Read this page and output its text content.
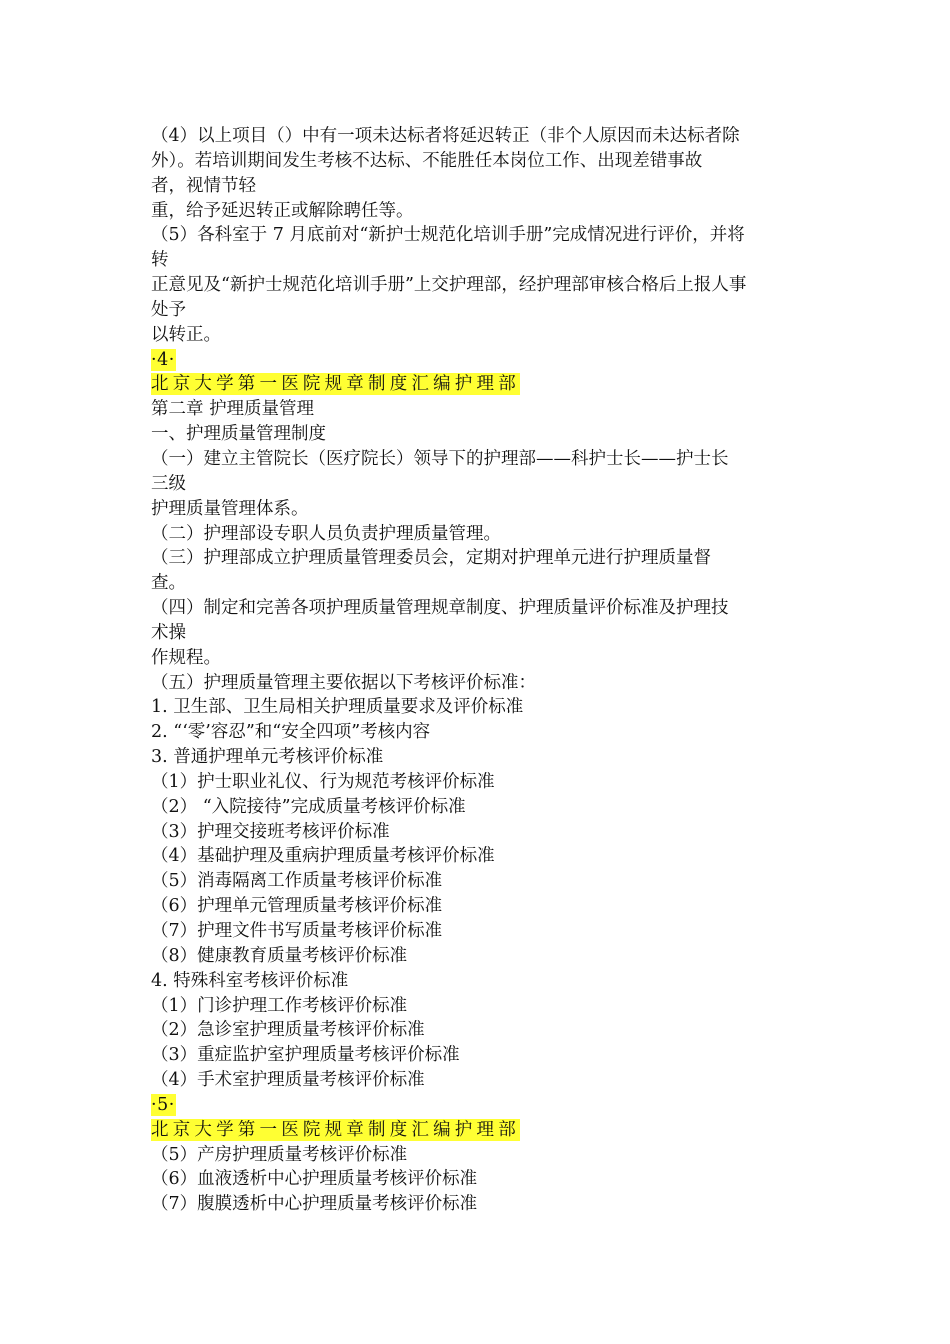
（4）以上项目（）中有一项未达标者将延迟转正（非个人原因而未达标者除
外）。若培训期间发生考核不达标、不能胜任本岗位工作、出现差错事故
者，视情节轻
重，给予延迟转正或解除聘任等。
（5）各科室于 7 月底前对“新护士规范化培训手册”完成情况进行评价，并将
转
正意见及“新护士规范化培训手册”上交护理部，经护理部审核合格后上报人事
处予
以转正。
·4·
北京大学第一医院规章制度汇编护理部
第二章 护理质量管理
一、护理质量管理制度
（一）建立主管院长（医疗院长）领导下的护理部——科护士长——护士长
三级
护理质量管理体系。
（二）护理部设专职人员负责护理质量管理。
（三）护理部成立护理质量管理委员会，定期对护理单元进行护理质量督
查。
（四）制定和完善各项护理质量管理规章制度、护理质量评价标准及护理技
术操
作规程。
（五）护理质量管理主要依据以下考核评价标准：
1. 卫生部、卫生局相关护理质量要求及评价标准
2. “‘零’容忍”和“安全四项”考核内容
3. 普通护理单元考核评价标准
（1）护士职业礼仪、行为规范考核评价标准
（2） “入院接待”完成质量考核评价标准
（3）护理交接班考核评价标准
（4）基础护理及重病护理质量考核评价标准
（5）消毒隔离工作质量考核评价标准
（6）护理单元管理质量考核评价标准
（7）护理文件书写质量考核评价标准
（8）健康教育质量考核评价标准
4. 特殊科室考核评价标准
（1）门诊护理工作考核评价标准
（2）急诊室护理质量考核评价标准
（3）重症监护室护理质量考核评价标准
（4）手术室护理质量考核评价标准
·5·
北京大学第一医院规章制度汇编护理部
（5）产房护理质量考核评价标准
（6）血液透析中心护理质量考核评价标准
（7）腹膜透析中心护理质量考核评价标准
